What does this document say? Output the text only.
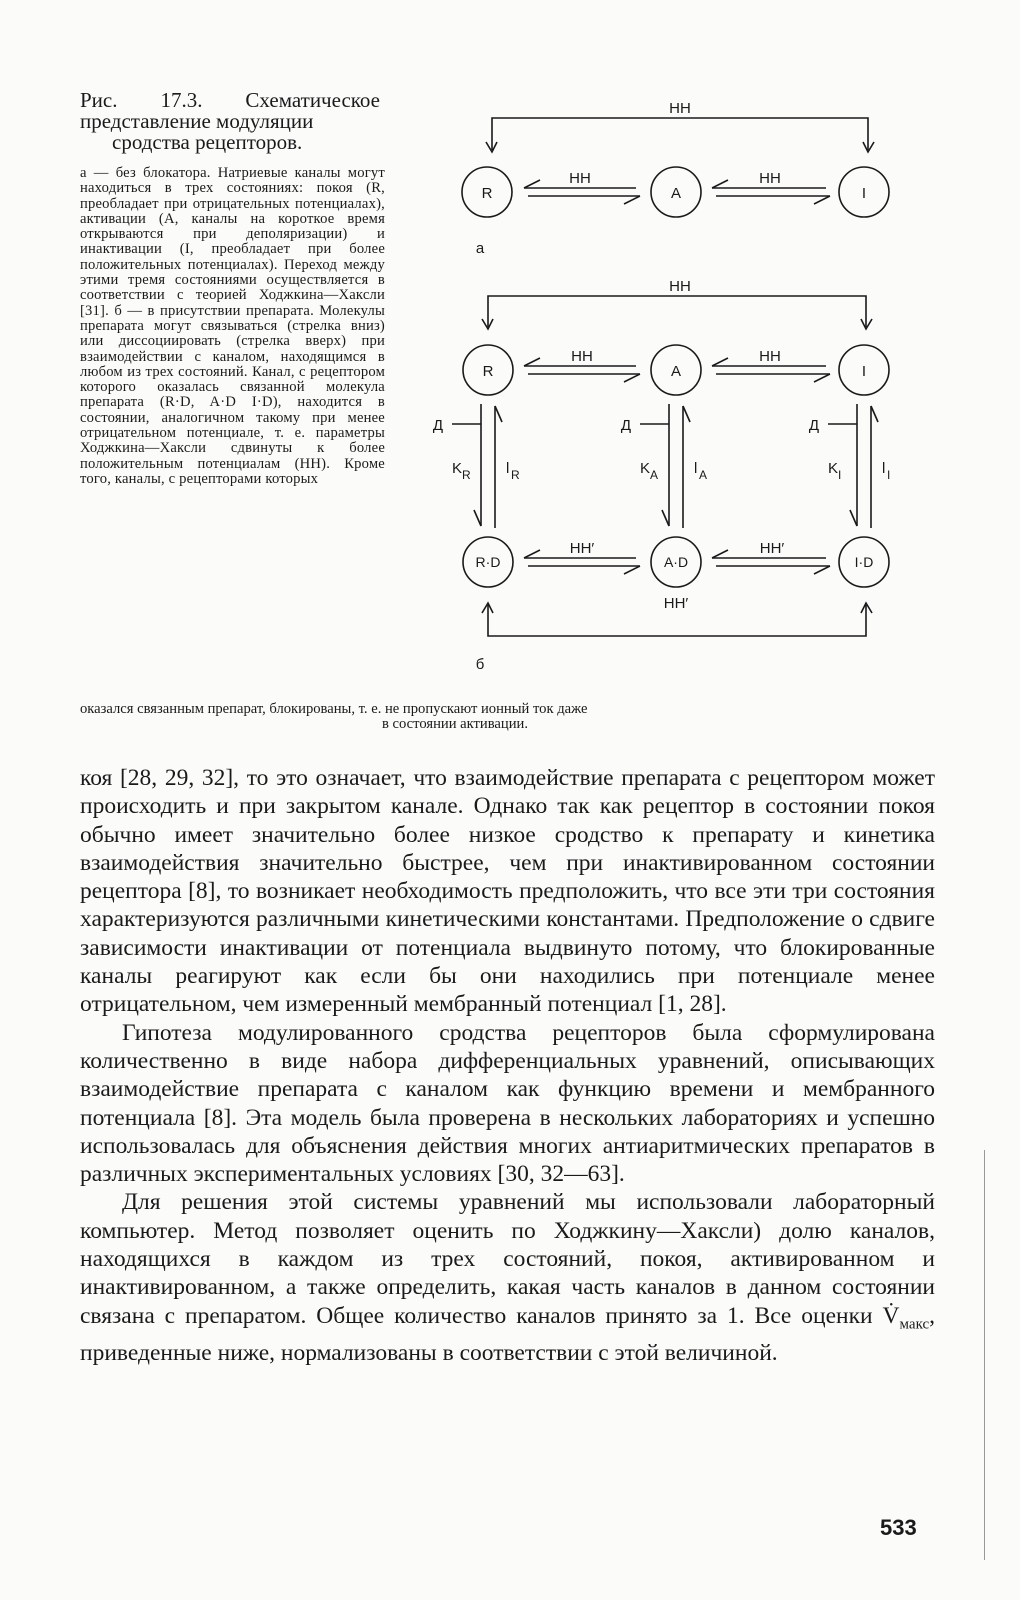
Рис. 17.3. Схематическое представление модуляции
сродства рецепторов.
а — без блокатора. Натриевые каналы могут находиться в трех состояниях: покоя (R, преобладает при отрицательных потенциалах), активации (А, каналы на короткое время открываются при деполяризации) и инактивации (I, преобладает при более положительных потенциалах). Переход между этими тремя состояниями осуществляется в соответствии с теорией Ходжкина—Хаксли [31]. б — в присутствии препарата. Молекулы препарата могут связываться (стрелка вниз) или диссоциировать (стрелка вверх) при взаимодействии с каналом, находящимся в любом из трех состояний. Канал, с рецептором которого оказалась связанной молекула препарата (R·D, A·D I·D), находится в состоянии, аналогичном такому при менее отрицательном потенциале, т. е. параметры Ходжкина—Хаксли сдвинуты к более положительным потенциалам (НН). Кроме того, каналы, с рецепторами которых
оказался связанным препарат, блокированы, т. е. не пропускают ионный ток даже
в состоянии активации.
НН
R	A	I
НН	НН
а
НН
R	A	I
НН	НН
R·D	A·D	I·D
НН′	НН′
НН′
б
Д	Д	Д
K R	K A	K I
l R	l A	l I

коя [28, 29, 32], то это означает, что взаимодействие препарата с рецептором может происходить и при закрытом канале. Однако так как рецептор в состоянии покоя обычно имеет значительно более низкое сродство к препарату и кинетика взаимодействия значительно быстрее, чем при инактивированном состоянии рецептора [8], то возникает необходимость предположить, что все эти три состояния характеризуются различными кинетическими константами. Предположение о сдвиге зависимости инактивации от потенциала выдвинуто потому, что блокированные каналы реагируют как если бы они находились при потенциале менее отрицательном, чем измеренный мембранный потенциал [1, 28].

Гипотеза модулированного сродства рецепторов была сформулирована количественно в виде набора дифференциальных уравнений, описывающих взаимодействие препарата с каналом как функцию времени и мембранного потенциала [8]. Эта модель была проверена в нескольких лабораториях и успешно использовалась для объяснения действия многих антиаритмических препаратов в различных экспериментальных условиях [30, 32—63].

Для решения этой системы уравнений мы использовали лабораторный компьютер. Метод позволяет оценить по Ходжкину—Хаксли) долю каналов, находящихся в каждом из трех состояний, покоя, активированном и инактивированном, а также определить, какая часть каналов в данном состоянии связана с препаратом. Общее количество каналов принято за 1. Все оценки $V̇_{макс}$, приведенные ниже, нормализованы в соответствии с этой величиной.

533
